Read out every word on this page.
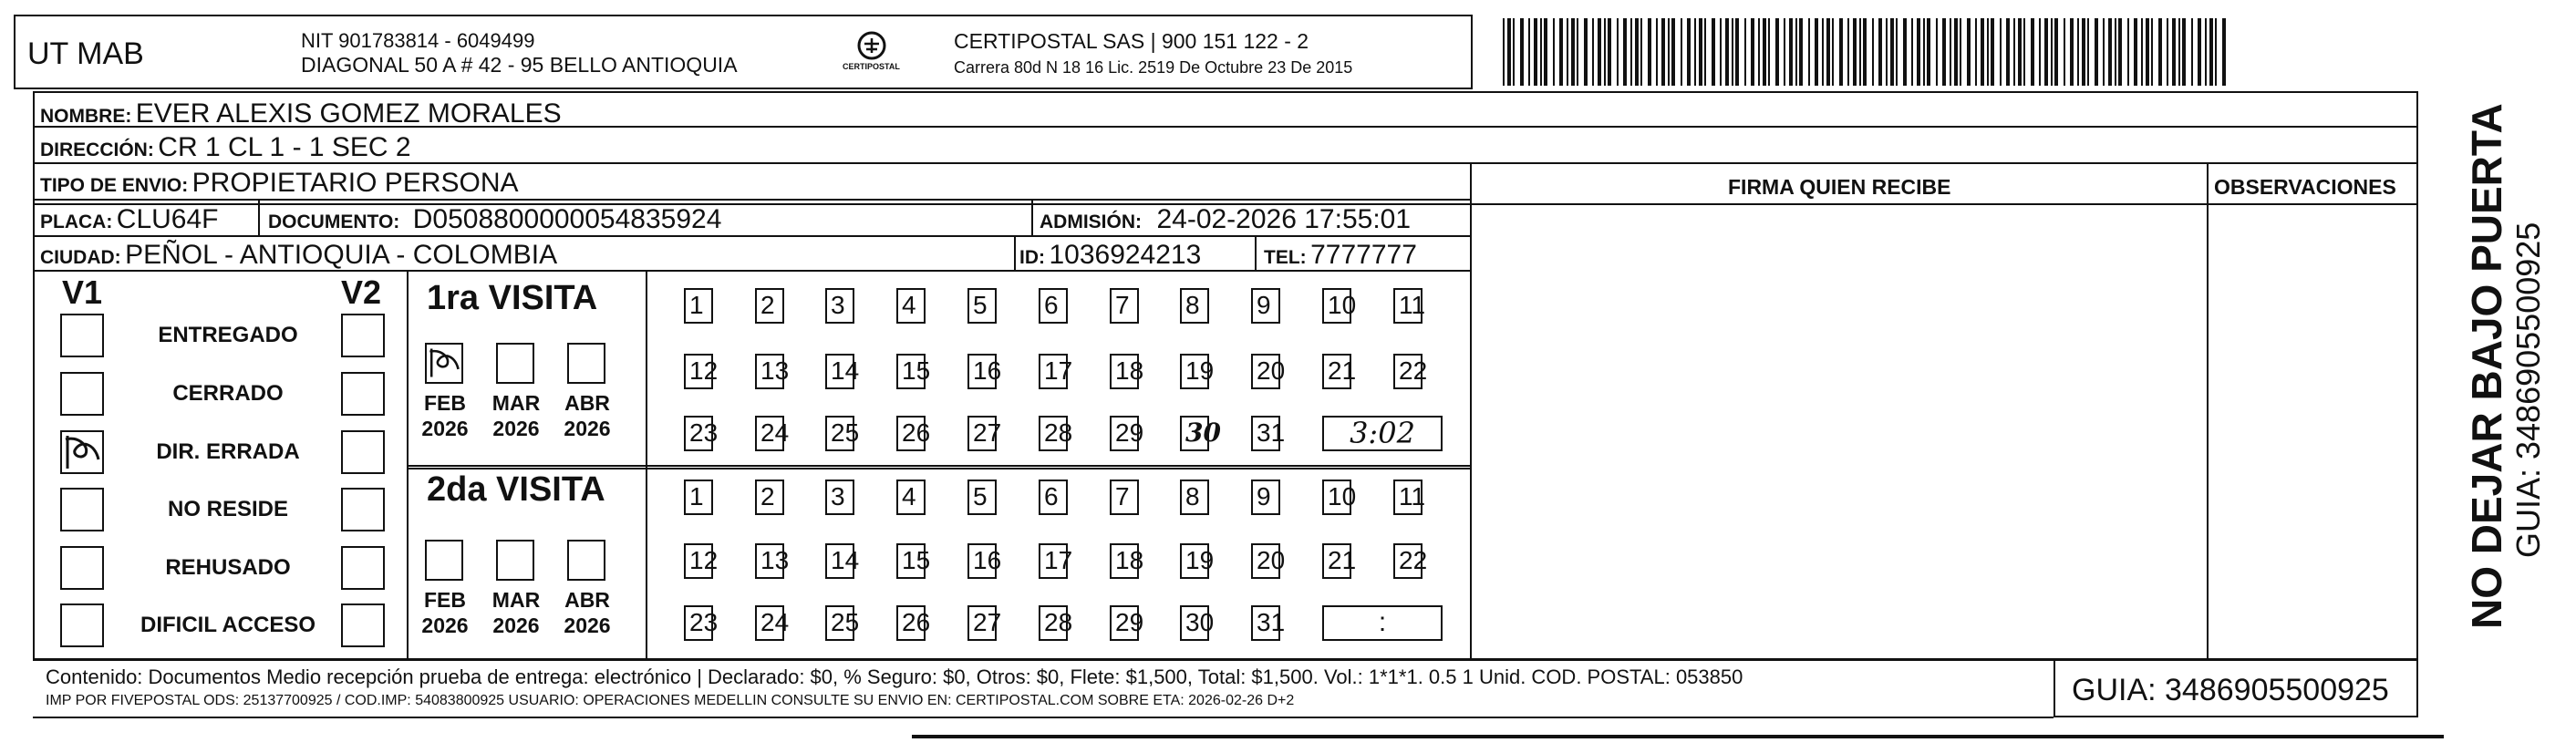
UT MAB	NIT 901783814 - 6049499
DIAGONAL 50 A # 42 - 95 BELLO ANTIOQUIA	CERTIPOSTAL
CERTIPOSTAL SAS | 900 151 122 - 2
Carrera 80d N 18 16 Lic. 2519 De Octubre 23 De 2015
NOMBRE: EVER ALEXIS GOMEZ MORALES
DIRECCIÓN: CR 1 CL 1 - 1 SEC 2
TIPO DE ENVIO: PROPIETARIO PERSONA	FIRMA QUIEN RECIBE	OBSERVACIONES
PLACA: CLU64F	DOCUMENTO: D0508800000054835924	ADMISIÓN: 24-02-2026 17:55:01
CIUDAD: PEÑOL - ANTIOQUIA - COLOMBIA	ID: 1036924213	TEL: 7777777
V1	V2
ENTREGADO
CERRADO
DIR. ERRADA
NO RESIDE
REHUSADO
DIFICIL ACCESO
1ra VISITA
2da VISITA
FEB
2026
MAR
2026
ABR
2026
FEB
2026
MAR
2026
ABR
2026
1	2	3	4	5	6	7	8	9	10 11
12 13 14 15 16 17 18 19 20 21 22
23 24 25 26 27 28 29 30 31	3:02
1	2	3	4	5	6	7	8	9	10 11
12 13 14 15 16 17 18 19 20 21 22
23 24 25 26 27 28 29 30 31	:
Contenido: Documentos Medio recepción prueba de entrega: electrónico | Declarado: $0, % Seguro: $0, Otros: $0, Flete: $1,500, Total: $1,500. Vol.: 1*1*1. 0.5 1 Unid. COD. POSTAL: 053850
IMP POR FIVEPOSTAL ODS: 25137700925 / COD.IMP: 54083800925 USUARIO: OPERACIONES MEDELLIN CONSULTE SU ENVIO EN: CERTIPOSTAL.COM SOBRE ETA: 2026-02-26 D+2	GUIA: 3486905500925
NO DEJAR BAJO PUERTA GUIA: 3486905500925
